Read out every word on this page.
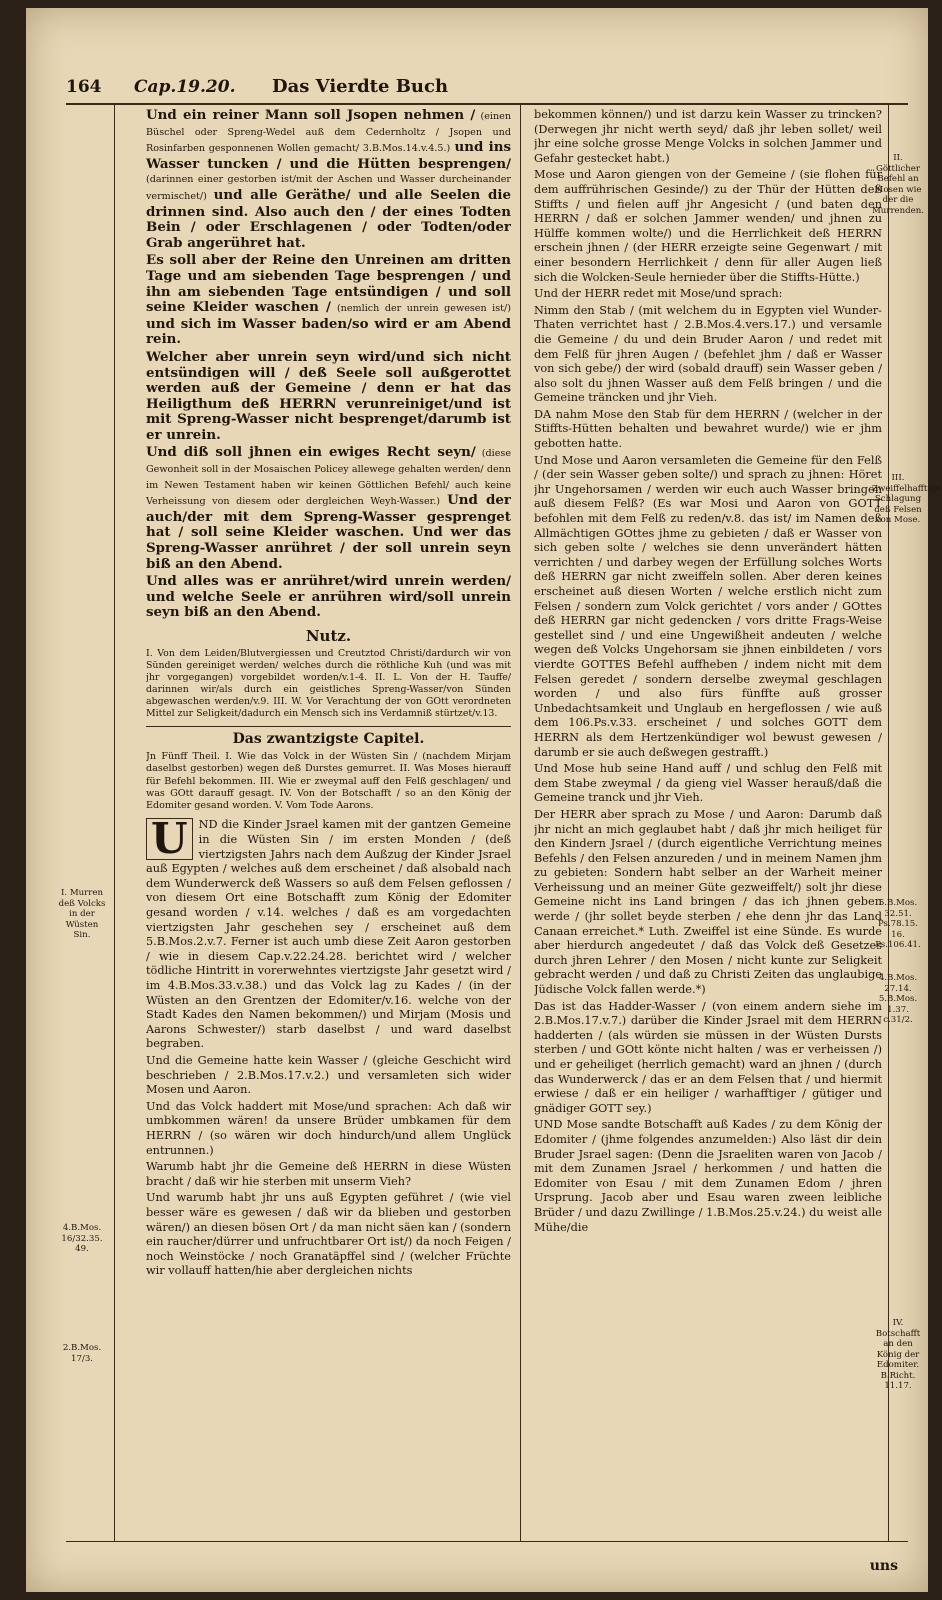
164 Cap.19.20.	Das Vierdte Buch
I. Murren deß Volcks in der Wüsten Sin.
4.B.Mos. 16/32.35. 49.
2.B.Mos. 17/3.
II. Göttlicher Befehl an Mosen wie der die Murrenden.
III. Zweiffelhafftige Schlagung deß Felsen von Mose.
5.B.Mos. 32.51. Ps.78.15. 16. Ps.106.41.
4.B.Mos. 27.14. 5.B.Mos. 1.37. c.31/2.
IV. Botschafft an den König der Edomiter. B.Richt. 11.17.
Und ein reiner Mann soll Jsopen nehmen / (einen Büschel oder Spreng-Wedel auß dem Cedernholtz / Jsopen und Rosinfarben gesponnenen Wollen gemacht/ 3.B.Mos.14.v.4.5.) und ins Wasser tuncken / und die Hütten besprengen/ (darinnen einer gestorben ist/mit der Aschen und Wasser durcheinander vermischet/) und alle Geräthe/ und alle Seelen die drinnen sind. Also auch den / der eines Todten Bein / oder Erschlagenen / oder Todten/oder Grab angerühret hat.
Es soll aber der Reine den Unreinen am dritten Tage und am siebenden Tage besprengen / und ihn am siebenden Tage entsündigen / und soll seine Kleider waschen / (nemlich der unrein gewesen ist/) und sich im Wasser baden/so wird er am Abend rein.
Welcher aber unrein seyn wird/und sich nicht entsündigen will / deß Seele soll außgerottet werden auß der Gemeine / denn er hat das Heiligthum deß HERRN verunreiniget/und ist mit Spreng-Wasser nicht besprenget/darumb ist er unrein.
Und diß soll jhnen ein ewiges Recht seyn/ (diese Gewonheit soll in der Mosaischen Policey allewege gehalten werden/ denn im Newen Testament haben wir keinen Göttlichen Befehl/ auch keine Verheissung von diesem oder dergleichen Weyh-Wasser.) Und der auch/der mit dem Spreng-Wasser gesprenget hat / soll seine Kleider waschen. Und wer das Spreng-Wasser anrühret / der soll unrein seyn biß an den Abend.
Und alles was er anrühret/wird unrein werden/ und welche Seele er anrühren wird/soll unrein seyn biß an den Abend.
Nutz.
I. Von dem Leiden/Blutvergiessen und Creutztod Christi/dardurch wir von Sünden gereiniget werden/ welches durch die röthliche Kuh (und was mit jhr vorgegangen) vorgebildet worden/v.1-4. II. L. Von der H. Tauffe/ darinnen wir/als durch ein geistliches Spreng-Wasser/von Sünden abgewaschen werden/v.9. III. W. Vor Verachtung der von GOtt verordneten Mittel zur Seligkeit/dadurch ein Mensch sich ins Verdamniß stürtzet/v.13.
Das zwantzigste Capitel.
Jn Fünff Theil. I. Wie das Volck in der Wüsten Sin / (nachdem Mirjam daselbst gestorben) wegen deß Durstes gemurret. II. Was Moses hierauff für Befehl bekommen. III. Wie er zweymal auff den Felß geschlagen/ und was GOtt darauff gesagt. IV. Von der Botschafft / so an den König der Edomiter gesand worden. V. Vom Tode Aarons.
U ND die Kinder Jsrael kamen mit der gantzen Gemeine in die Wüsten Sin / im ersten Monden / (deß viertzigsten Jahrs nach dem Außzug der Kinder Jsrael auß Egypten / welches auß dem erscheinet / daß alsobald nach dem Wunderwerck deß Wassers so auß dem Felsen geflossen / von diesem Ort eine Botschafft zum König der Edomiter gesand worden / v.14. welches / daß es am vorgedachten viertzigsten Jahr geschehen sey / erscheinet auß dem 5.B.Mos.2.v.7. Ferner ist auch umb diese Zeit Aaron gestorben / wie in diesem Cap.v.22.24.28. berichtet wird / welcher tödliche Hintritt in vorerwehntes viertzigste Jahr gesetzt wird / im 4.B.Mos.33.v.38.) und das Volck lag zu Kades / (in der Wüsten an den Grentzen der Edomiter/v.16. welche von der Stadt Kades den Namen bekommen/) und Mirjam (Mosis und Aarons Schwester/) starb daselbst / und ward daselbst begraben.
Und die Gemeine hatte kein Wasser / (gleiche Geschicht wird beschrieben / 2.B.Mos.17.v.2.) und versamleten sich wider Mosen und Aaron.
Und das Volck haddert mit Mose/und sprachen: Ach daß wir umbkommen wären! da unsere Brüder umbkamen für dem HERRN / (so wären wir doch hindurch/und allem Unglück entrunnen.)
Warumb habt jhr die Gemeine deß HERRN in diese Wüsten bracht / daß wir hie sterben mit unserm Vieh?
Und warumb habt jhr uns auß Egypten geführet / (wie viel besser wäre es gewesen / daß wir da blieben und gestorben wären/) an diesen bösen Ort / da man nicht säen kan / (sondern ein raucher/dürrer und unfruchtbarer Ort ist/) da noch Feigen / noch Weinstöcke / noch Granatäpffel sind / (welcher Früchte wir vollauff hatten/hie aber dergleichen nichts
bekommen können/) und ist darzu kein Wasser zu trincken? (Derwegen jhr nicht werth seyd/ daß jhr leben sollet/ weil jhr eine solche grosse Menge Volcks in solchen Jammer und Gefahr gestecket habt.)
Mose und Aaron giengen von der Gemeine / (sie flohen für dem auffrührischen Gesinde/) zu der Thür der Hütten deß Stiffts / und fielen auff jhr Angesicht / (und baten den HERRN / daß er solchen Jammer wenden/ und jhnen zu Hülffe kommen wolte/) und die Herrlichkeit deß HERRN erschein jhnen / (der HERR erzeigte seine Gegenwart / mit einer besondern Herrlichkeit / denn für aller Augen ließ sich die Wolcken-Seule hernieder über die Stiffts-Hütte.)
Und der HERR redet mit Mose/und sprach:
Nimm den Stab / (mit welchem du in Egypten viel Wunder-Thaten verrichtet hast / 2.B.Mos.4.vers.17.) und versamle die Gemeine / du und dein Bruder Aaron / und redet mit dem Felß für jhren Augen / (befehlet jhm / daß er Wasser von sich gebe/) der wird (sobald drauff) sein Wasser geben / also solt du jhnen Wasser auß dem Felß bringen / und die Gemeine träncken und jhr Vieh.
DA nahm Mose den Stab für dem HERRN / (welcher in der Stiffts-Hütten behalten und bewahret wurde/) wie er jhm gebotten hatte.
Und Mose und Aaron versamleten die Gemeine für den Felß / (der sein Wasser geben solte/) und sprach zu jhnen: Höret jhr Ungehorsamen / werden wir euch auch Wasser bringen auß diesem Felß? (Es war Mosi und Aaron von GOTT befohlen mit dem Felß zu reden/v.8. das ist/ im Namen deß Allmächtigen GOttes jhme zu gebieten / daß er Wasser von sich geben solte / welches sie denn unverändert hätten verrichten / und darbey wegen der Erfüllung solches Worts deß HERRN gar nicht zweiffeln sollen. Aber deren keines erscheinet auß diesen Worten / welche erstlich nicht zum Felsen / sondern zum Volck gerichtet / vors ander / GOttes deß HERRN gar nicht gedencken / vors dritte Frags-Weise gestellet sind / und eine Ungewißheit andeuten / welche wegen deß Volcks Ungehorsam sie jhnen einbildeten / vors vierdte GOTTES Befehl auffheben / indem nicht mit dem Felsen geredet / sondern derselbe zweymal geschlagen worden / und also fürs fünffte auß grosser Unbedachtsamkeit und Unglaub en hergeflossen / wie auß dem 106.Ps.v.33. erscheinet / und solches GOTT dem HERRN als dem Hertzenkündiger wol bewust gewesen / darumb er sie auch deßwegen gestrafft.)
Und Mose hub seine Hand auff / und schlug den Felß mit dem Stabe zweymal / da gieng viel Wasser herauß/daß die Gemeine tranck und jhr Vieh.
Der HERR aber sprach zu Mose / und Aaron: Darumb daß jhr nicht an mich geglaubet habt / daß jhr mich heiliget für den Kindern Jsrael / (durch eigentliche Verrichtung meines Befehls / den Felsen anzureden / und in meinem Namen jhm zu gebieten: Sondern habt selber an der Warheit meiner Verheissung und an meiner Güte gezweiffelt/) solt jhr diese Gemeine nicht ins Land bringen / das ich jhnen geben werde / (jhr sollet beyde sterben / ehe denn jhr das Land Canaan erreichet.* Luth. Zweiffel ist eine Sünde. Es wurde aber hierdurch angedeutet / daß das Volck deß Gesetzes durch jhren Lehrer / den Mosen / nicht kunte zur Seligkeit gebracht werden / und daß zu Christi Zeiten das unglaubige Jüdische Volck fallen werde.*)
Das ist das Hadder-Wasser / (von einem andern siehe im 2.B.Mos.17.v.7.) darüber die Kinder Jsrael mit dem HERRN hadderten / (als würden sie müssen in der Wüsten Dursts sterben / und GOtt könte nicht halten / was er verheissen /) und er geheiliget (herrlich gemacht) ward an jhnen / (durch das Wunderwerck / das er an dem Felsen that / und hiermit erwiese / daß er ein heiliger / warhafftiger / gütiger und gnädiger GOTT sey.)
UND Mose sandte Botschafft auß Kades / zu dem König der Edomiter / (jhme folgendes anzumelden:) Also läst dir dein Bruder Jsrael sagen: (Denn die Jsraeliten waren von Jacob / mit dem Zunamen Jsrael / herkommen / und hatten die Edomiter von Esau / mit dem Zunamen Edom / jhren Ursprung. Jacob aber und Esau waren zween leibliche Brüder / und dazu Zwillinge / 1.B.Mos.25.v.24.) du weist alle Mühe/die
uns
